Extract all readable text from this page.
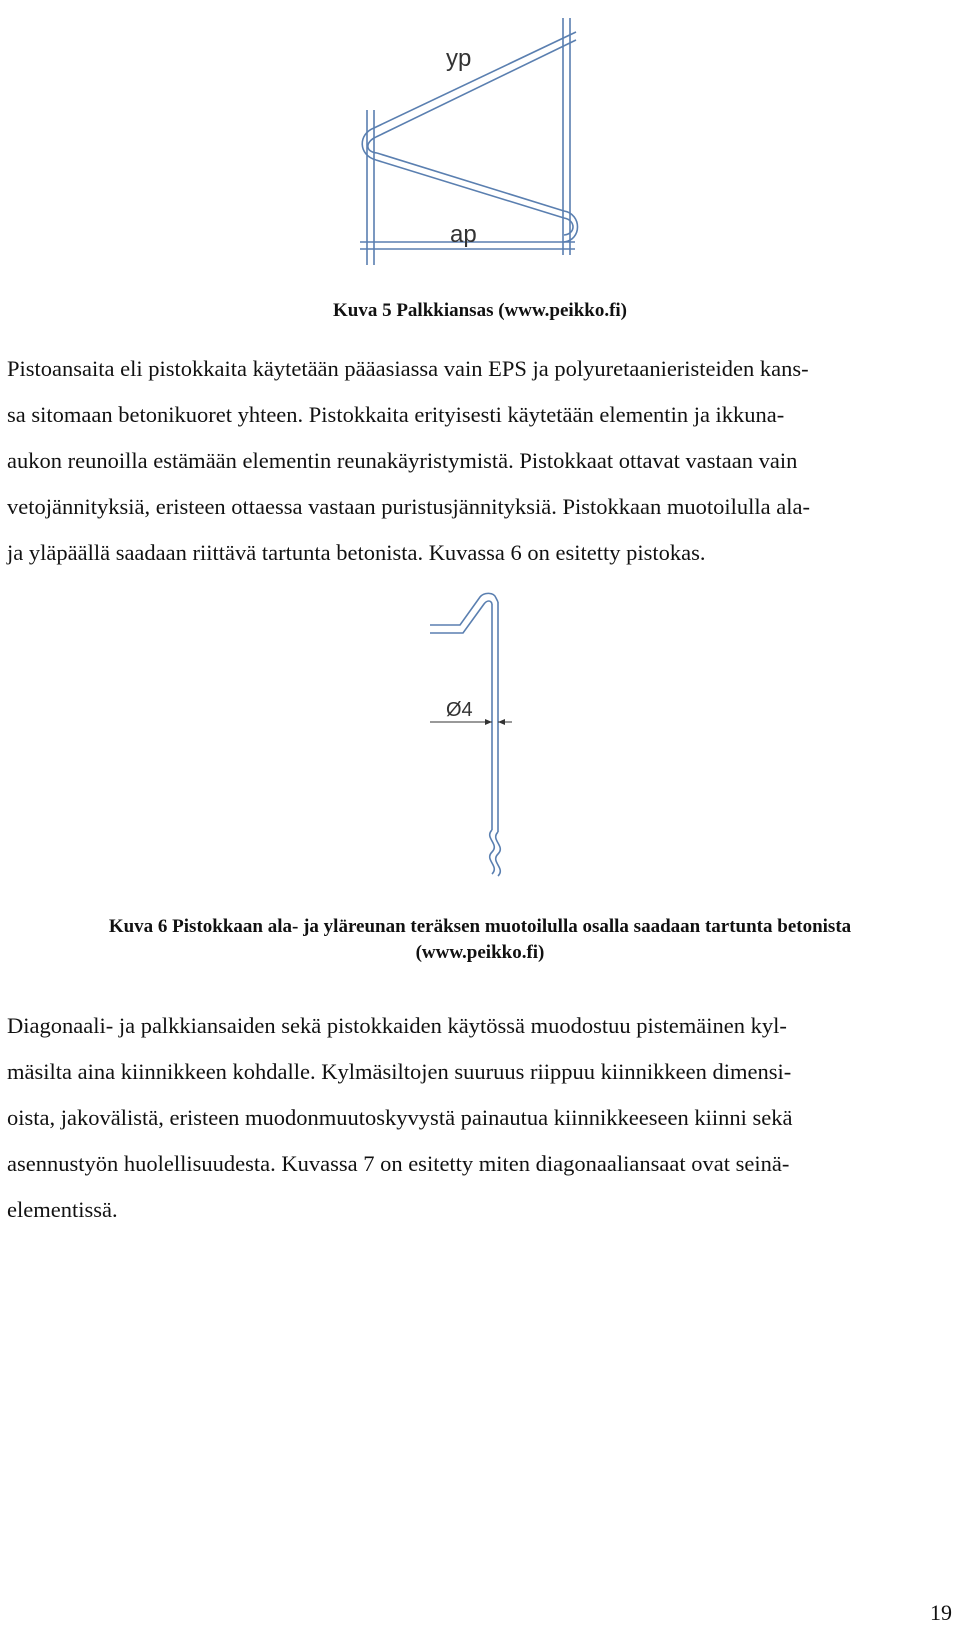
yp
ap
Kuva 5 Palkkiansas (www.peikko.fi)
Pistoansaita eli pistokkaita käytetään pääasiassa vain EPS ja polyuretaanieristeiden kans-
sa sitomaan betonikuoret yhteen. Pistokkaita erityisesti käytetään elementin ja ikkuna-
aukon reunoilla estämään elementin reunakäyristymistä. Pistokkaat ottavat vastaan vain
vetojännityksiä, eristeen ottaessa vastaan puristusjännityksiä. Pistokkaan muotoilulla ala-
ja yläpäällä saadaan riittävä tartunta betonista. Kuvassa 6 on esitetty pistokas.
Ø4
Kuva 6 Pistokkaan ala- ja yläreunan teräksen muotoilulla osalla saadaan tartunta betonista
(www.peikko.fi)
Diagonaali- ja palkkiansaiden sekä pistokkaiden käytössä muodostuu pistemäinen kyl-
mäsilta aina kiinnikkeen kohdalle. Kylmäsiltojen suuruus riippuu kiinnikkeen dimensi-
oista, jakovälistä, eristeen muodonmuutoskyvystä painautua kiinnikkeeseen kiinni sekä
asennustyön huolellisuudesta. Kuvassa 7 on esitetty miten diagonaaliansaat ovat seinä-
elementissä.
19
